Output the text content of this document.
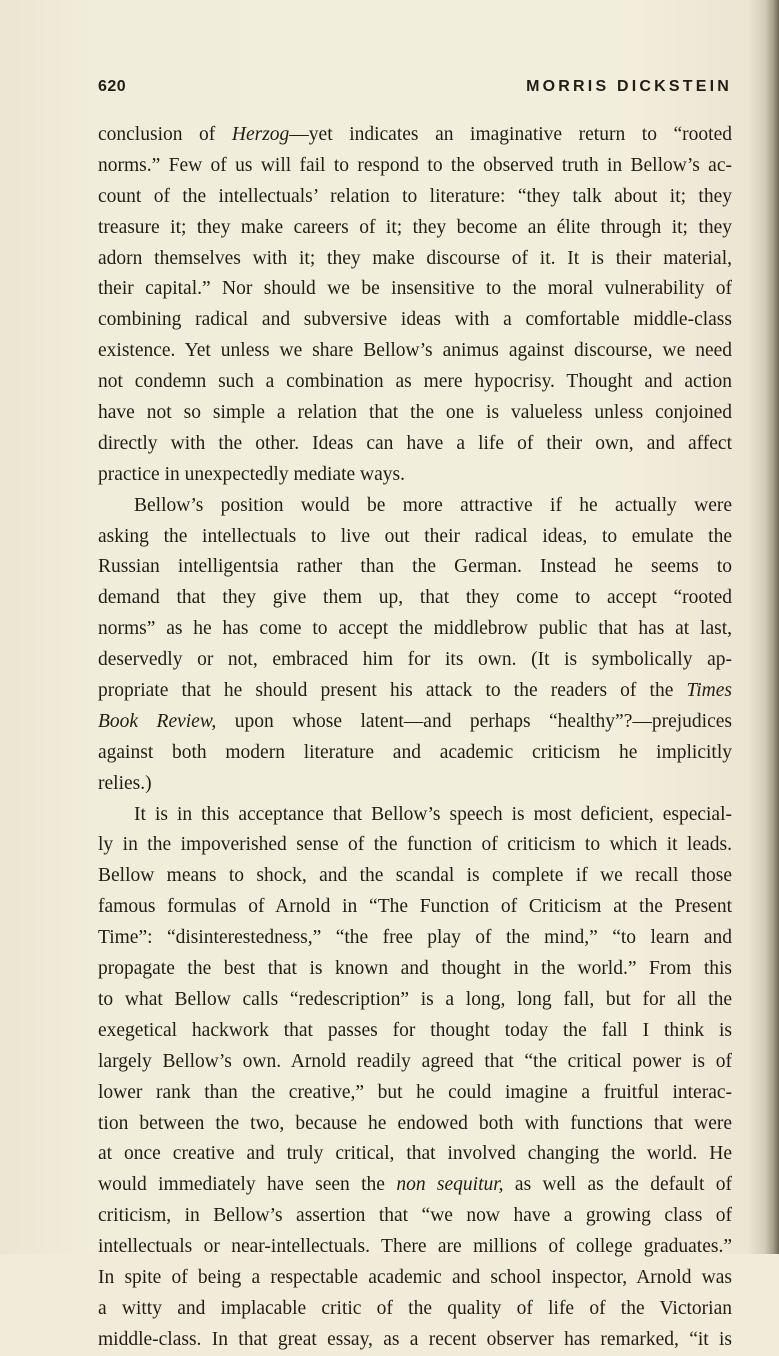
620	MORRIS DICKSTEIN
conclusion of Herzog—yet indicates an imaginative return to “rooted
norms.” Few of us will fail to respond to the observed truth in Bellow’s ac-
count of the intellectuals’ relation to literature: “they talk about it; they
treasure it; they make careers of it; they become an élite through it; they
adorn themselves with it; they make discourse of it. It is their material,
their capital.” Nor should we be insensitive to the moral vulnerability of
combining radical and subversive ideas with a comfortable middle-class
existence. Yet unless we share Bellow’s animus against discourse, we need
not condemn such a combination as mere hypocrisy. Thought and action
have not so simple a relation that the one is valueless unless conjoined
directly with the other. Ideas can have a life of their own, and affect
practice in unexpectedly mediate ways.
Bellow’s position would be more attractive if he actually were
asking the intellectuals to live out their radical ideas, to emulate the
Russian intelligentsia rather than the German. Instead he seems to
demand that they give them up, that they come to accept “rooted
norms” as he has come to accept the middlebrow public that has at last,
deservedly or not, embraced him for its own. (It is symbolically ap-
propriate that he should present his attack to the readers of the Times
Book Review, upon whose latent—and perhaps “healthy”?—prejudices
against both modern literature and academic criticism he implicitly
relies.)
It is in this acceptance that Bellow’s speech is most deficient, especial-
ly in the impoverished sense of the function of criticism to which it leads.
Bellow means to shock, and the scandal is complete if we recall those
famous formulas of Arnold in “The Function of Criticism at the Present
Time”: “disinterestedness,” “the free play of the mind,” “to learn and
propagate the best that is known and thought in the world.” From this
to what Bellow calls “redescription” is a long, long fall, but for all the
exegetical hackwork that passes for thought today the fall I think is
largely Bellow’s own. Arnold readily agreed that “the critical power is of
lower rank than the creative,” but he could imagine a fruitful interac-
tion between the two, because he endowed both with functions that were
at once creative and truly critical, that involved changing the world. He
would immediately have seen the non sequitur, as well as the default of
criticism, in Bellow’s assertion that “we now have a growing class of
intellectuals or near-intellectuals. There are millions of college graduates.”
In spite of being a respectable academic and school inspector, Arnold was
a witty and implacable critic of the quality of life of the Victorian
middle-class. In that great essay, as a recent observer has remarked, “it is
